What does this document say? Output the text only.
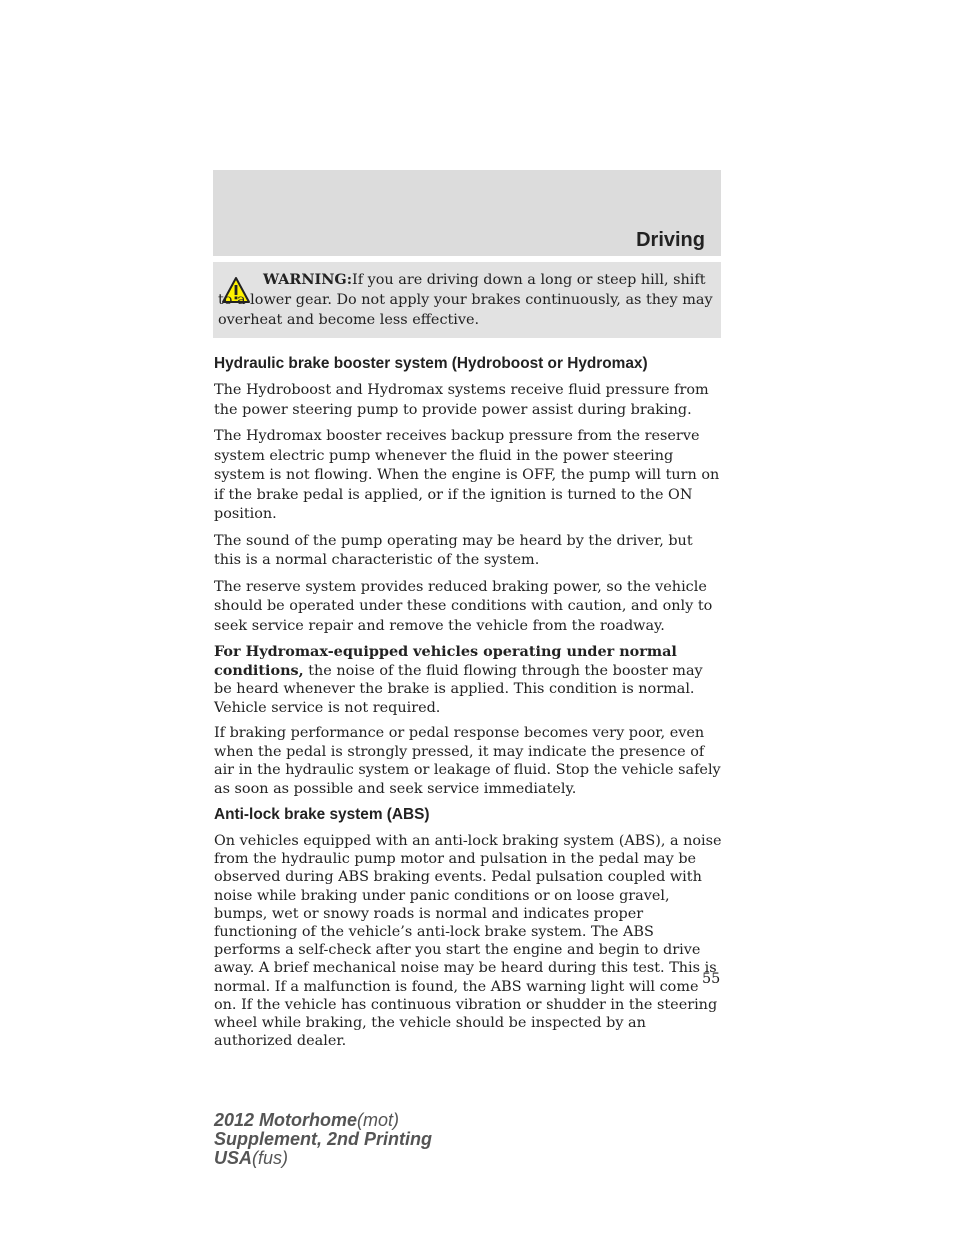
Driving

WARNING:If you are driving down a long or steep hill, shift to a lower gear. Do not apply your brakes continuously, as they may overheat and become less effective.

Hydraulic brake booster system (Hydroboost or Hydromax)

The Hydroboost and Hydromax systems receive fluid pressure from the power steering pump to provide power assist during braking.

The Hydromax booster receives backup pressure from the reserve system electric pump whenever the fluid in the power steering system is not flowing. When the engine is OFF, the pump will turn on if the brake pedal is applied, or if the ignition is turned to the ON position.

The sound of the pump operating may be heard by the driver, but this is a normal characteristic of the system.

The reserve system provides reduced braking power, so the vehicle should be operated under these conditions with caution, and only to seek service repair and remove the vehicle from the roadway.

For Hydromax-equipped vehicles operating under normal conditions, the noise of the fluid flowing through the booster may be heard whenever the brake is applied. This condition is normal. Vehicle service is not required.

If braking performance or pedal response becomes very poor, even when the pedal is strongly pressed, it may indicate the presence of air in the hydraulic system or leakage of fluid. Stop the vehicle safely as soon as possible and seek service immediately.

Anti-lock brake system (ABS)

On vehicles equipped with an anti-lock braking system (ABS), a noise from the hydraulic pump motor and pulsation in the pedal may be observed during ABS braking events. Pedal pulsation coupled with noise while braking under panic conditions or on loose gravel, bumps, wet or snowy roads is normal and indicates proper functioning of the vehicle’s anti-lock brake system. The ABS performs a self-check after you start the engine and begin to drive away. A brief mechanical noise may be heard during this test. This is normal. If a malfunction is found, the ABS warning light will come on. If the vehicle has continuous vibration or shudder in the steering wheel while braking, the vehicle should be inspected by an authorized dealer.

55
2012 Motorhome(mot)
Supplement, 2nd Printing
USA(fus)
